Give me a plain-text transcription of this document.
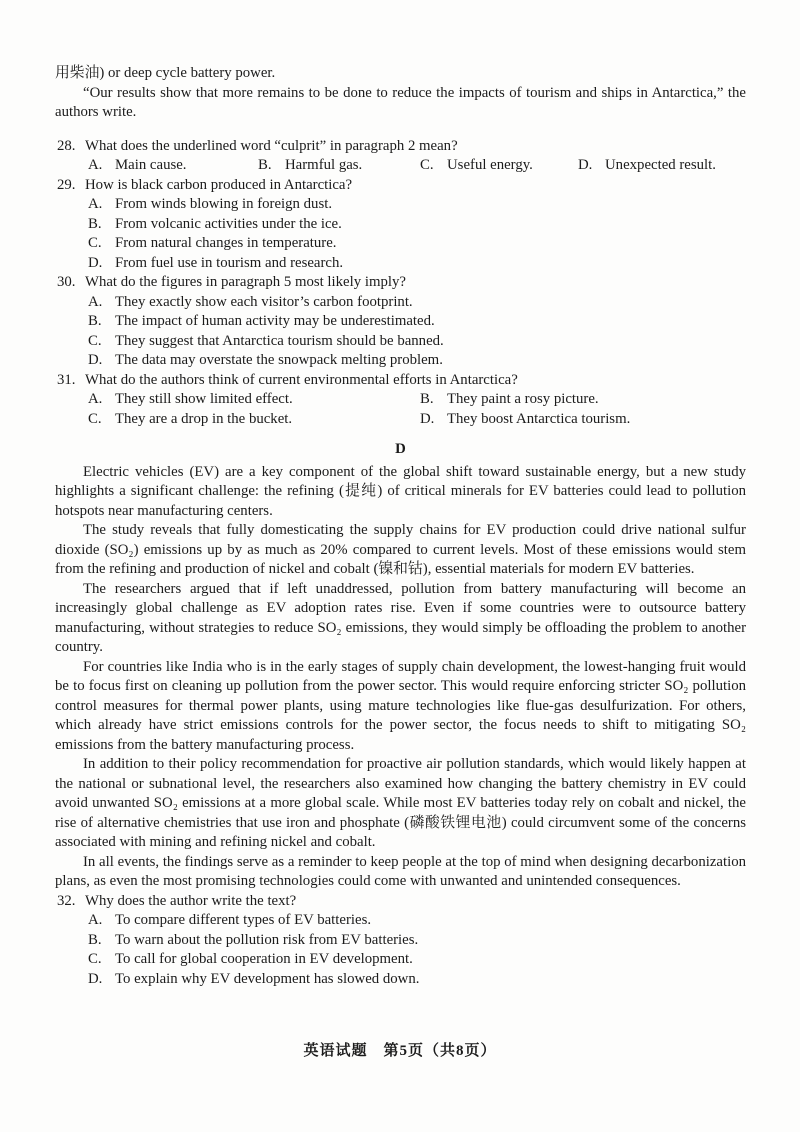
用柴油) or deep cycle battery power.

“Our results show that more remains to be done to reduce the impacts of tourism and ships in Antarctica,” the authors write.

28. What does the underlined word “culprit” in paragraph 2 mean?
A. Main cause.	B. Harmful gas.	C. Useful energy.	D. Unexpected result.
29. How is black carbon produced in Antarctica?
A. From winds blowing in foreign dust.
B. From volcanic activities under the ice.
C. From natural changes in temperature.
D. From fuel use in tourism and research.
30. What do the figures in paragraph 5 most likely imply?
A. They exactly show each visitor’s carbon footprint.
B. The impact of human activity may be underestimated.
C. They suggest that Antarctica tourism should be banned.
D. The data may overstate the snowpack melting problem.
31. What do the authors think of current environmental efforts in Antarctica?
A. They still show limited effect.	B. They paint a rosy picture.
C. They are a drop in the bucket.	D. They boost Antarctica tourism.
D

Electric vehicles (EV) are a key component of the global shift toward sustainable energy, but a new study highlights a significant challenge: the refining (提纯) of critical minerals for EV batteries could lead to pollution hotspots near manufacturing centers.

The study reveals that fully domesticating the supply chains for EV production could drive national sulfur dioxide (SO₂) emissions up by as much as 20% compared to current levels. Most of these emissions would stem from the refining and production of nickel and cobalt (镍和钴), essential materials for modern EV batteries.

The researchers argued that if left unaddressed, pollution from battery manufacturing will become an increasingly global challenge as EV adoption rates rise. Even if some countries were to outsource battery manufacturing, without strategies to reduce SO₂ emissions, they would simply be offloading the problem to another country.

For countries like India who is in the early stages of supply chain development, the lowest-hanging fruit would be to focus first on cleaning up pollution from the power sector. This would require enforcing stricter SO₂ pollution control measures for thermal power plants, using mature technologies like flue-gas desulfurization. For others, which already have strict emissions controls for the power sector, the focus needs to shift to mitigating SO₂ emissions from the battery manufacturing process.

In addition to their policy recommendation for proactive air pollution standards, which would likely happen at the national or subnational level, the researchers also examined how changing the battery chemistry in EV could avoid unwanted SO₂ emissions at a more global scale. While most EV batteries today rely on cobalt and nickel, the rise of alternative chemistries that use iron and phosphate (磷酸铁锂电池) could circumvent some of the concerns associated with mining and refining nickel and cobalt.

In all events, the findings serve as a reminder to keep people at the top of mind when designing decarbonization plans, as even the most promising technologies could come with unwanted and unintended consequences.

32. Why does the author write the text?
A. To compare different types of EV batteries.
B. To warn about the pollution risk from EV batteries.
C. To call for global cooperation in EV development.
D. To explain why EV development has slowed down.
英语试题　第5页（共8页）
